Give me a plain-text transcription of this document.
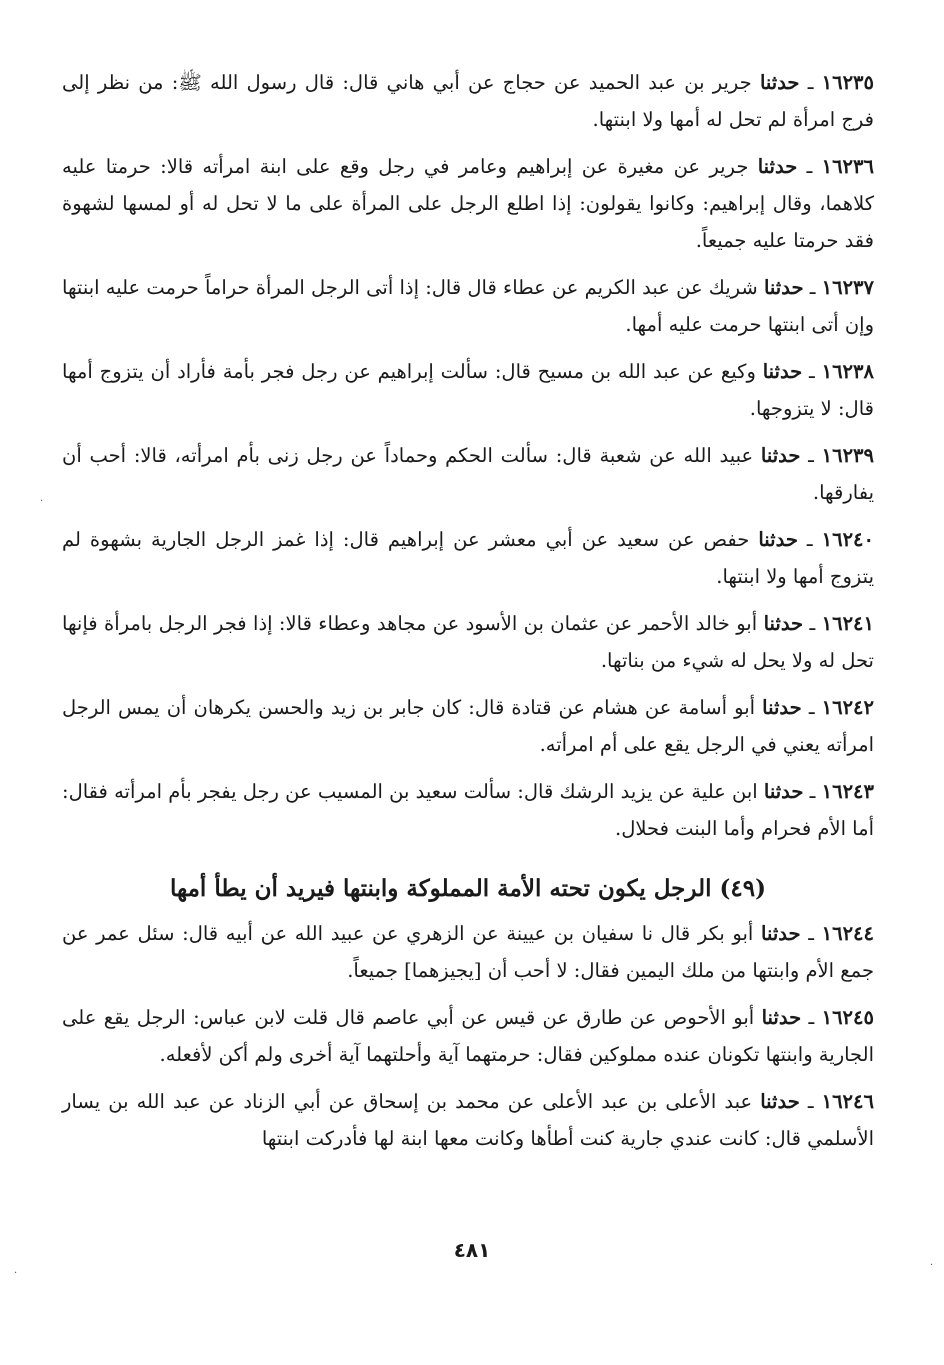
١٦٢٣٥ ـ حدثنا جرير بن عبد الحميد عن حجاج عن أبي هاني قال: قال رسول الله ﷺ: من نظر إلى فرج امرأة لم تحل له أمها ولا ابنتها.

١٦٢٣٦ ـ حدثنا جرير عن مغيرة عن إبراهيم وعامر في رجل وقع على ابنة امرأته قالا: حرمتا عليه كلاهما، وقال إبراهيم: وكانوا يقولون: إذا اطلع الرجل على المرأة على ما لا تحل له أو لمسها لشهوة فقد حرمتا عليه جميعاً.

١٦٢٣٧ ـ حدثنا شريك عن عبد الكريم عن عطاء قال قال: إذا أتى الرجل المرأة حراماً حرمت عليه ابنتها وإن أتى ابنتها حرمت عليه أمها.

١٦٢٣٨ ـ حدثنا وكيع عن عبد الله بن مسيح قال: سألت إبراهيم عن رجل فجر بأمة فأراد أن يتزوج أمها قال: لا يتزوجها.

١٦٢٣٩ ـ حدثنا عبيد الله عن شعبة قال: سألت الحكم وحماداً عن رجل زنى بأم امرأته، قالا: أحب أن يفارقها.

١٦٢٤٠ ـ حدثنا حفص عن سعيد عن أبي معشر عن إبراهيم قال: إذا غمز الرجل الجارية بشهوة لم يتزوج أمها ولا ابنتها.

١٦٢٤١ ـ حدثنا أبو خالد الأحمر عن عثمان بن الأسود عن مجاهد وعطاء قالا: إذا فجر الرجل بامرأة فإنها تحل له ولا يحل له شيء من بناتها.

١٦٢٤٢ ـ حدثنا أبو أسامة عن هشام عن قتادة قال: كان جابر بن زيد والحسن يكرهان أن يمس الرجل امرأته يعني في الرجل يقع على أم امرأته.

١٦٢٤٣ ـ حدثنا ابن علية عن يزيد الرشك قال: سألت سعيد بن المسيب عن رجل يفجر بأم امرأته فقال: أما الأم فحرام وأما البنت فحلال.

(٤٩) الرجل يكون تحته الأمة المملوكة وابنتها فيريد أن يطأ أمها

١٦٢٤٤ ـ حدثنا أبو بكر قال نا سفيان بن عيينة عن الزهري عن عبيد الله عن أبيه قال: سئل عمر عن جمع الأم وابنتها من ملك اليمين فقال: لا أحب أن [يجيزهما] جميعاً.

١٦٢٤٥ ـ حدثنا أبو الأحوص عن طارق عن قيس عن أبي عاصم قال قلت لابن عباس: الرجل يقع على الجارية وابنتها تكونان عنده مملوكين فقال: حرمتهما آية وأحلتهما آية أخرى ولم أكن لأفعله.

١٦٢٤٦ ـ حدثنا عبد الأعلى بن عبد الأعلى عن محمد بن إسحاق عن أبي الزناد عن عبد الله بن يسار الأسلمي قال: كانت عندي جارية كنت أطأها وكانت معها ابنة لها فأدركت ابنتها

٤٨١
·
·
·
